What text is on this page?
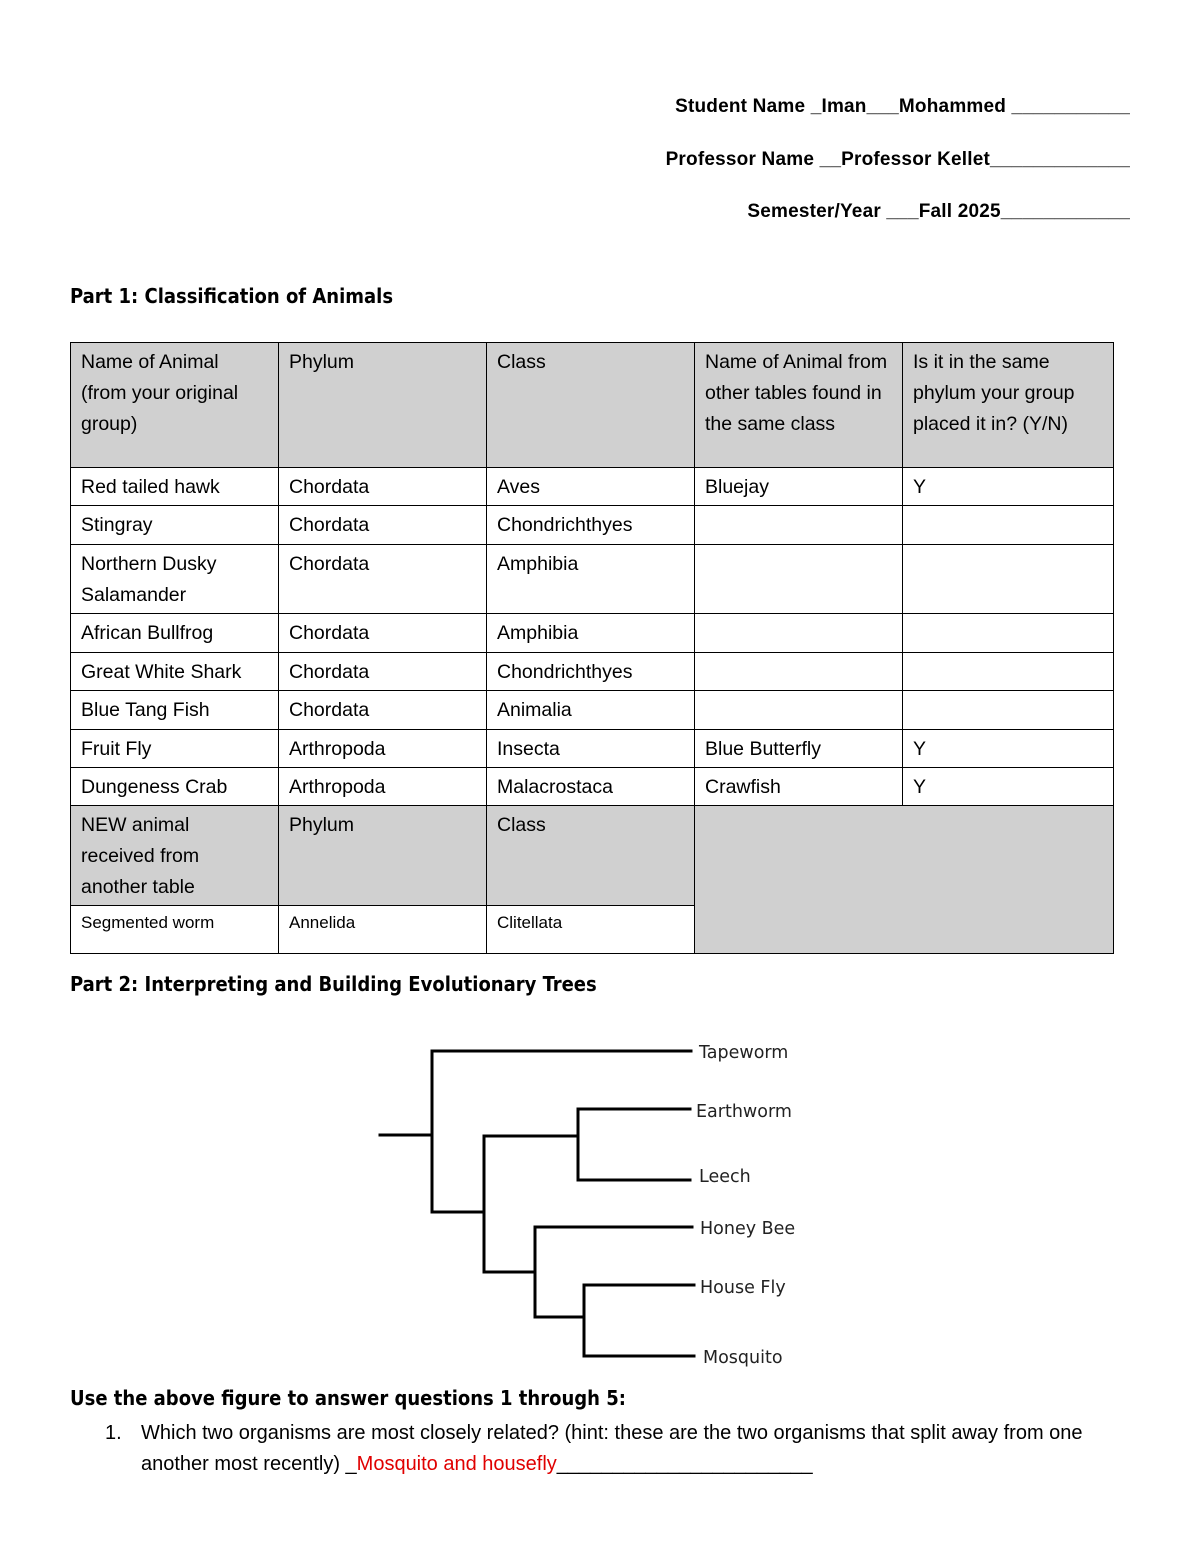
Student Name _Iman___Mohammed ___________
Professor Name __Professor Kellet_____________
Semester/Year ___Fall 2025____________
Part 1: Classification of Animals
Name of Animal (from your original group)	Phylum	Class	Name of Animal from other tables found in the same class	Is it in the same phylum your group placed it in? (Y/N)
Red tailed hawk	Chordata	Aves	Bluejay	Y
Stingray	Chordata	Chondrichthyes		
Northern Dusky Salamander	Chordata	Amphibia		
African Bullfrog	Chordata	Amphibia		
Great White Shark	Chordata	Chondrichthyes		
Blue Tang Fish	Chordata	Animalia		
Fruit Fly	Arthropoda	Insecta	Blue Butterfly	Y
Dungeness Crab	Arthropoda	Malacrostaca	Crawfish	Y
NEW animal received from another table	Phylum	Class		
Segmented worm	Annelida	Clitellata		
Part 2: Interpreting and Building Evolutionary Trees
Tapeworm
Earthworm
Leech
Honey Bee
House Fly
Mosquito
Use the above figure to answer questions 1 through 5:
1. Which two organisms are most closely related? (hint: these are the two organisms that split away from one another most recently) _Mosquito and housefly_______________________
